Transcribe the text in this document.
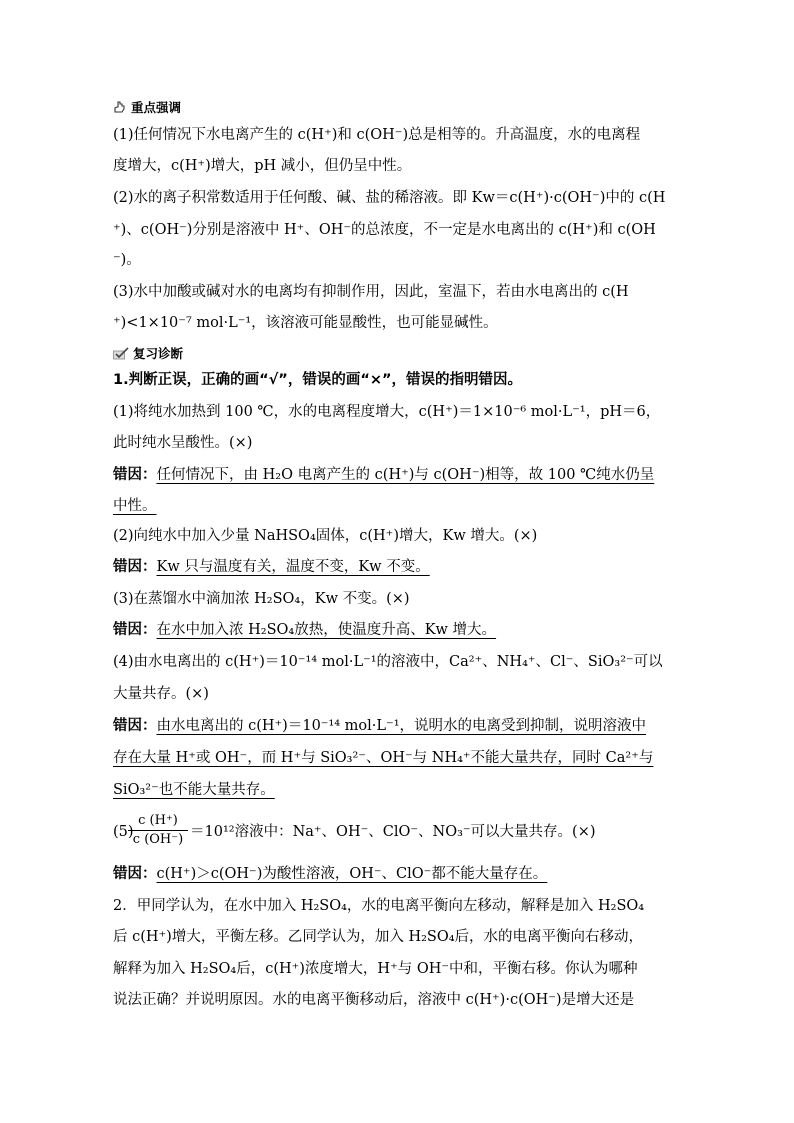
重点强调
(1)任何情况下水电离产生的 c(H⁺)和 c(OH⁻)总是相等的。升高温度，水的电离程
度增大，c(H⁺)增大，pH 减小，但仍呈中性。
(2)水的离子积常数适用于任何酸、碱、盐的稀溶液。即 Kw＝c(H⁺)·c(OH⁻)中的 c(H
⁺)、c(OH⁻)分别是溶液中 H⁺、OH⁻的总浓度，不一定是水电离出的 c(H⁺)和 c(OH
⁻)。
(3)水中加酸或碱对水的电离均有抑制作用，因此，室温下，若由水电离出的 c(H
⁺)<1×10⁻⁷ mol·L⁻¹，该溶液可能显酸性，也可能显碱性。
复习诊断
1.判断正误，正确的画“√”，错误的画“×”，错误的指明错因。
(1)将纯水加热到 100 ℃，水的电离程度增大，c(H⁺)＝1×10⁻⁶ mol·L⁻¹，pH＝6，
此时纯水呈酸性。(×)
错因：任何情况下，由 H₂O 电离产生的 c(H⁺)与 c(OH⁻)相等，故 100 ℃纯水仍呈
中性。
(2)向纯水中加入少量 NaHSO₄固体，c(H⁺)增大，Kw 增大。(×)
错因：Kw 只与温度有关，温度不变，Kw 不变。
(3)在蒸馏水中滴加浓 H₂SO₄，Kw 不变。(×)
错因：在水中加入浓 H₂SO₄放热，使温度升高、Kw 增大。
(4)由水电离出的 c(H⁺)＝10⁻¹⁴ mol·L⁻¹的溶液中，Ca²⁺、NH₄⁺、Cl⁻、SiO₃²⁻可以
大量共存。(×)
错因：由水电离出的 c(H⁺)＝10⁻¹⁴ mol·L⁻¹，说明水的电离受到抑制，说明溶液中
存在大量 H⁺或 OH⁻，而 H⁺与 SiO₃²⁻、OH⁻与 NH₄⁺不能大量共存，同时 Ca²⁺与
SiO₃²⁻也不能大量共存。
(5)
$\frac{c (H^+)}{c (OH^-)} =10^{12}$溶液中：Na⁺、OH⁻、ClO⁻、NO₃⁻可以大量共存。(×)
错因：c(H⁺)＞c(OH⁻)为酸性溶液，OH⁻、ClO⁻都不能大量存在。
2．甲同学认为，在水中加入 H₂SO₄，水的电离平衡向左移动，解释是加入 H₂SO₄
后 c(H⁺)增大，平衡左移。乙同学认为，加入 H₂SO₄后，水的电离平衡向右移动，
解释为加入 H₂SO₄后，c(H⁺)浓度增大，H⁺与 OH⁻中和，平衡右移。你认为哪种
说法正确？并说明原因。水的电离平衡移动后，溶液中 c(H⁺)·c(OH⁻)是增大还是
